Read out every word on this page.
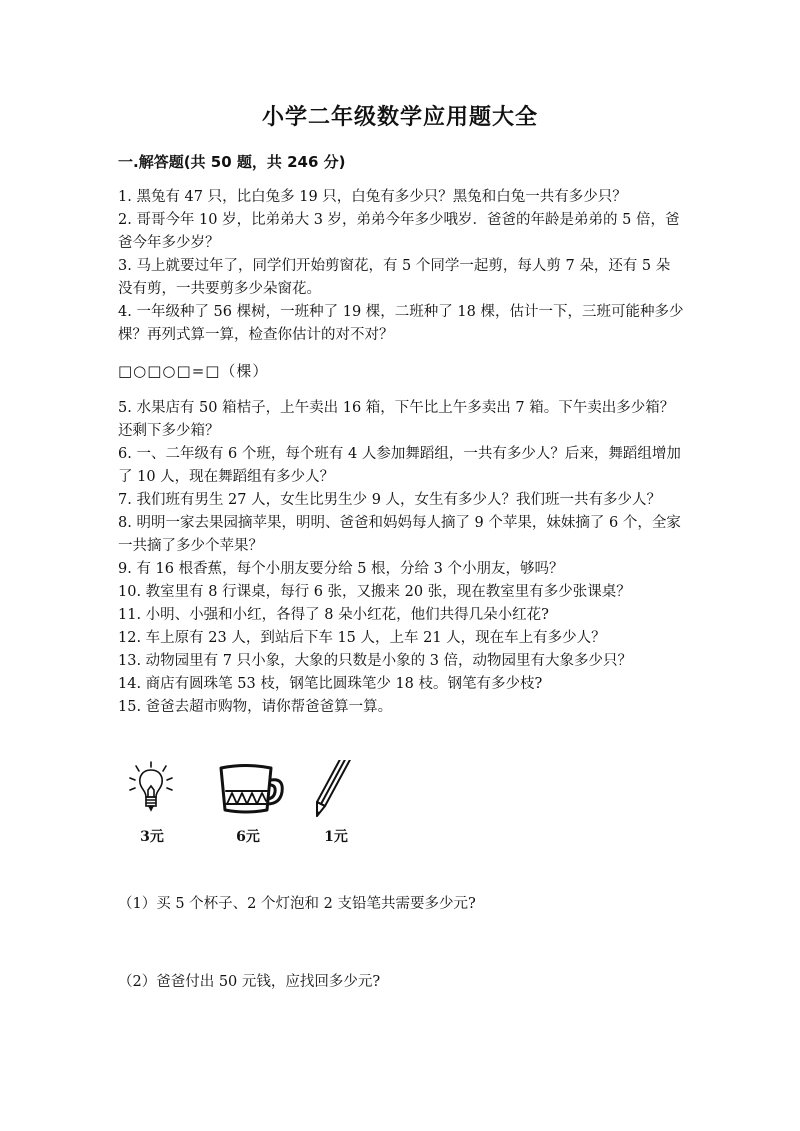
小学二年级数学应用题大全
一.解答题(共 50 题，共 246 分)

1. 黑兔有 47 只，比白兔多 19 只，白兔有多少只？黑兔和白兔一共有多少只？

2. 哥哥今年 10 岁，比弟弟大 3 岁，弟弟今年多少哦岁．爸爸的年龄是弟弟的 5 倍，爸爸今年多少岁？

3. 马上就要过年了，同学们开始剪窗花，有 5 个同学一起剪，每人剪 7 朵，还有 5 朵没有剪，一共要剪多少朵窗花。

4. 一年级种了 56 棵树，一班种了 19 棵，二班种了 18 棵，估计一下，三班可能种多少棵？再列式算一算，检查你估计的对不对？

□○□○□=□（棵）

5. 水果店有 50 箱桔子，上午卖出 16 箱，下午比上午多卖出 7 箱。下午卖出多少箱？还剩下多少箱？

6. 一、二年级有 6 个班，每个班有 4 人参加舞蹈组，一共有多少人？后来，舞蹈组增加了 10 人，现在舞蹈组有多少人？

7. 我们班有男生 27 人，女生比男生少 9 人，女生有多少人？我们班一共有多少人？

8. 明明一家去果园摘苹果，明明、爸爸和妈妈每人摘了 9 个苹果，妹妹摘了 6 个，全家一共摘了多少个苹果？

9. 有 16 根香蕉，每个小朋友要分给 5 根，分给 3 个小朋友，够吗？

10. 教室里有 8 行课桌，每行 6 张，又搬来 20 张，现在教室里有多少张课桌？

11. 小明、小强和小红，各得了 8 朵小红花，他们共得几朵小红花?

12. 车上原有 23 人，到站后下车 15 人，上车 21 人，现在车上有多少人？

13. 动物园里有 7 只小象，大象的只数是小象的 3 倍，动物园里有大象多少只？

14. 商店有圆珠笔 53 枝，钢笔比圆珠笔少 18 枝。钢笔有多少枝?

15. 爸爸去超市购物，请你帮爸爸算一算。

3元	6元	1元
（1）买 5 个杯子、2 个灯泡和 2 支铅笔共需要多少元?
（2）爸爸付出 50 元钱，应找回多少元?
